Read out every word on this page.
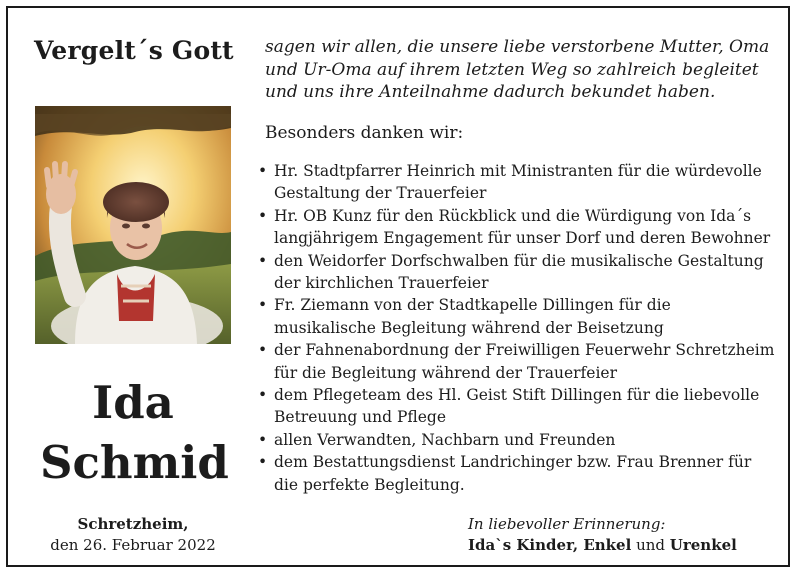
Vergelt´s Gott sagen wir allen, die unsere liebe verstorbene Mutter, Oma
und Ur-Oma auf ihrem letzten Weg so zahlreich begleitet
und uns ihre Anteilnahme dadurch bekundet haben.
Ida
Schmid
Besonders danken wir:
• Hr. Stadtpfarrer Heinrich mit Ministranten für die würdevolle
Gestaltung der Trauerfeier
• Hr. OB Kunz für den Rückblick und die Würdigung von Ida´s
langjährigem Engagement für unser Dorf und deren Bewohner
• den Weidorfer Dorfschwalben für die musikalische Gestaltung
der kirchlichen Trauerfeier
• Fr. Ziemann von der Stadtkapelle Dillingen für die
musikalische Begleitung während der Beisetzung
• der Fahnenabordnung der Freiwilligen Feuerwehr Schretzheim
für die Begleitung während der Trauerfeier
• dem Pflegeteam des Hl. Geist Stift Dillingen für die liebevolle
Betreuung und Pflege
• allen Verwandten, Nachbarn und Freunden
• dem Bestattungsdienst Landrichinger bzw. Frau Brenner für
die perfekte Begleitung.
Schretzheim,
den 26. Februar 2022
In liebevoller Erinnerung:
Ida`s Kinder, Enkel und Urenkel
